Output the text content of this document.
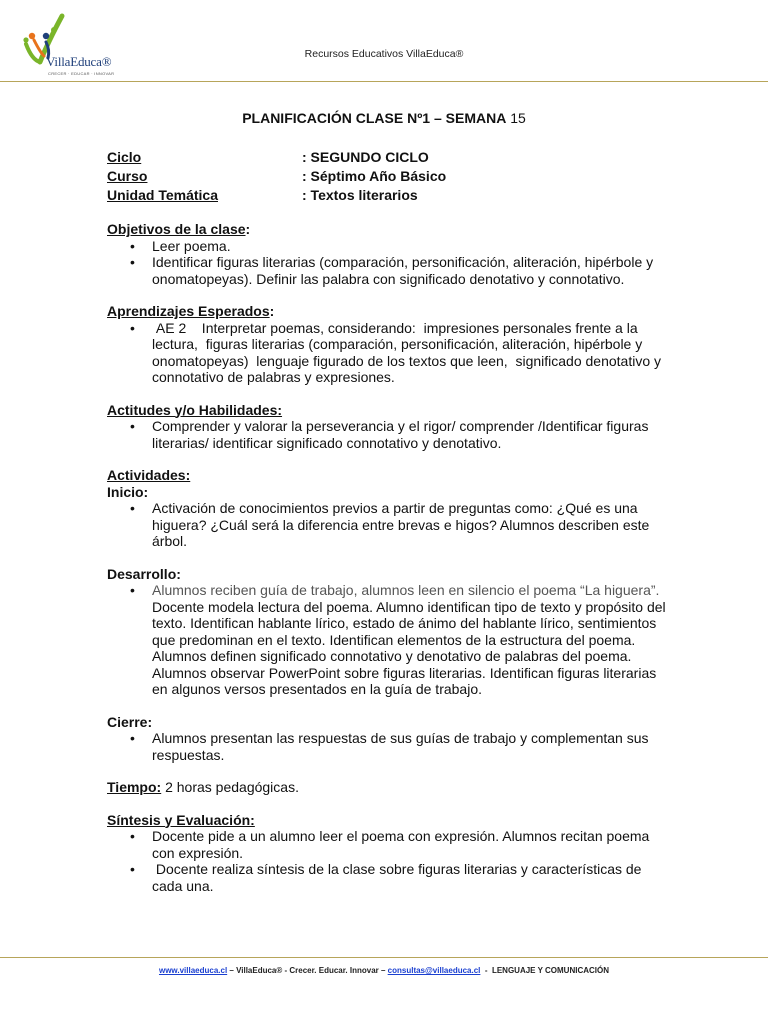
VillaEduca®
CRECER · EDUCAR · INNOVAR
Recursos Educativos VillaEduca®
PLANIFICACIÓN CLASE Nº1 – SEMANA 15
Ciclo	: SEGUNDO CICLO
Curso	: Séptimo Año Básico
Unidad Temática	: Textos literarios

Objetivos de la clase:

• Leer poema.
• Identificar figuras literarias (comparación, personificación, aliteración, hipérbole y onomatopeyas). Definir las palabra con significado denotativo y connotativo.

Aprendizajes Esperados:

•  AE 2    Interpretar poemas, considerando:  impresiones personales frente a la lectura,  figuras literarias (comparación, personificación, aliteración, hipérbole y onomatopeyas)  lenguaje figurado de los textos que leen,  significado denotativo y connotativo de palabras y expresiones.

Actitudes y/o Habilidades:

• Comprender y valorar la perseverancia y el rigor/ comprender /Identificar figuras literarias/ identificar significado connotativo y denotativo.

Actividades:

Inicio:

• Activación de conocimientos previos a partir de preguntas como: ¿Qué es una higuera? ¿Cuál será la diferencia entre brevas e higos? Alumnos describen este árbol.

Desarrollo:

• Alumnos reciben guía de trabajo, alumnos leen en silencio el poema “La higuera”.
Docente modela lectura del poema. Alumno identifican tipo de texto y propósito del texto. Identifican hablante lírico, estado de ánimo del hablante lírico, sentimientos que predominan en el texto. Identifican elementos de la estructura del poema. Alumnos definen significado connotativo y denotativo de palabras del poema. Alumnos observar PowerPoint sobre figuras literarias. Identifican figuras literarias en algunos versos presentados en la guía de trabajo.

Cierre:

• Alumnos presentan las respuestas de sus guías de trabajo y complementan sus respuestas.

Tiempo: 2 horas pedagógicas.

Síntesis y Evaluación:

• Docente pide a un alumno leer el poema con expresión. Alumnos recitan poema con expresión.
•  Docente realiza síntesis de la clase sobre figuras literarias y características de cada una.
www.villaeduca.cl – VillaEduca® - Crecer. Educar. Innovar – consultas@villaeduca.cl  -  LENGUAJE Y COMUNICACIÓN
